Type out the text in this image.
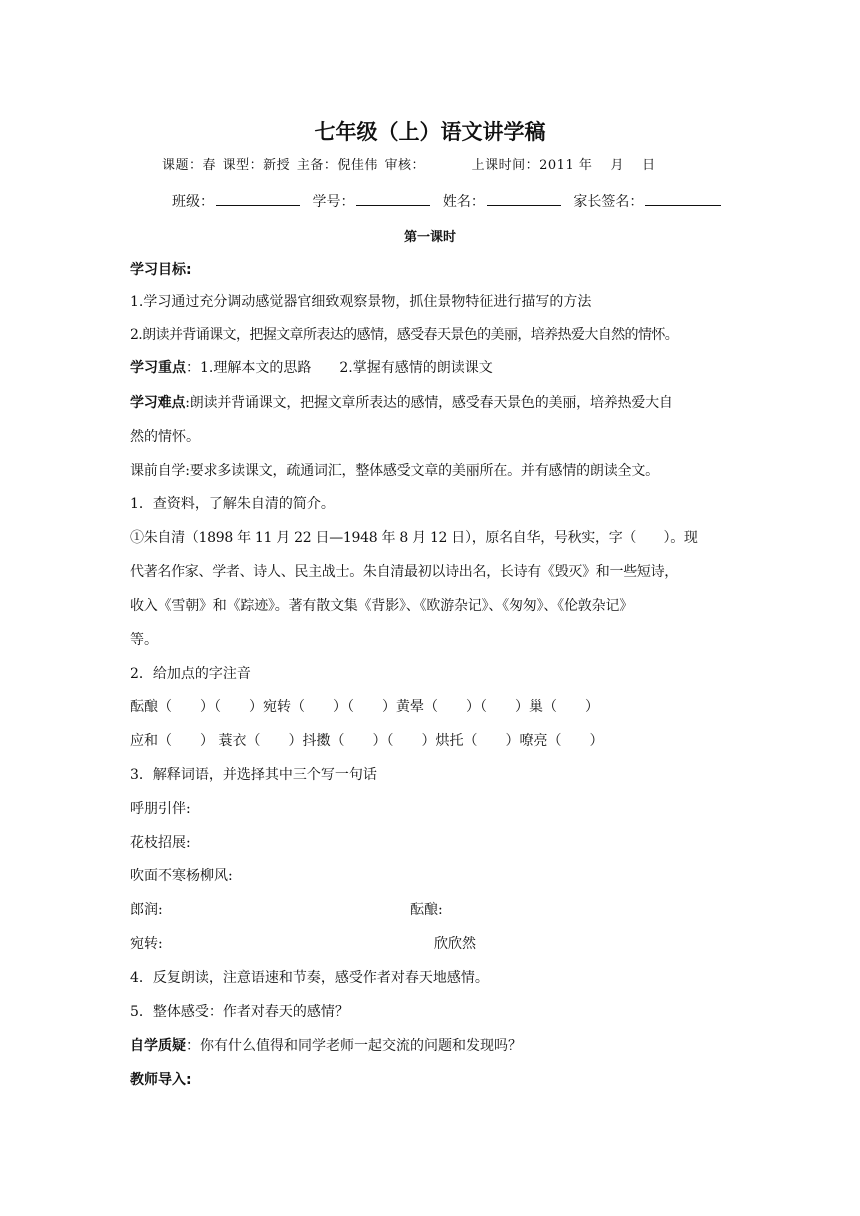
七年级（上）语文讲学稿
课题：春 课型：新授 主备：倪佳伟 审核：	上课时间：2011 年　 月　 日
班级：	学号：	姓名：	家长签名：
第一课时
学习目标:
1.学习通过充分调动感觉器官细致观察景物，抓住景物特征进行描写的方法
2.朗读并背诵课文，把握文章所表达的感情，感受春天景色的美丽，培养热爱大自然的情怀。
学习重点：1.理解本文的思路 2.掌握有感情的朗读课文
学习难点:朗读并背诵课文，把握文章所表达的感情，感受春天景色的美丽，培养热爱大自
然的情怀。
课前自学:要求多读课文，疏通词汇，整体感受文章的美丽所在。并有感情的朗读全文。
1．查资料，了解朱自清的简介。
①朱自清（1898 年 11 月 22 日—1948 年 8 月 12 日），原名自华，号秋实，字（　　）。现
代著名作家、学者、诗人、民主战士。朱自清最初以诗出名，长诗有《毁灭》和一些短诗，
收入《雪朝》和《踪迹》。著有散文集《背影》、《欧游杂记》、《匆匆》、《伦敦杂记》
等。
2．给加点的字注音
酝酿（　　）（　　）宛转（　　）（　　）黄晕（　　）（　　）巢（　　）
应和（　　） 蓑衣（　　）抖擞（　　）（　　）烘托（　　）嘹亮（　　）
3．解释词语，并选择其中三个写一句话
呼朋引伴:
花枝招展:
吹面不寒杨柳风:
郎润:	酝酿:
宛转:	欣欣然
4．反复朗读，注意语速和节奏，感受作者对春天地感情。
5．整体感受：作者对春天的感情？
自学质疑：你有什么值得和同学老师一起交流的问题和发现吗？
教师导入:
